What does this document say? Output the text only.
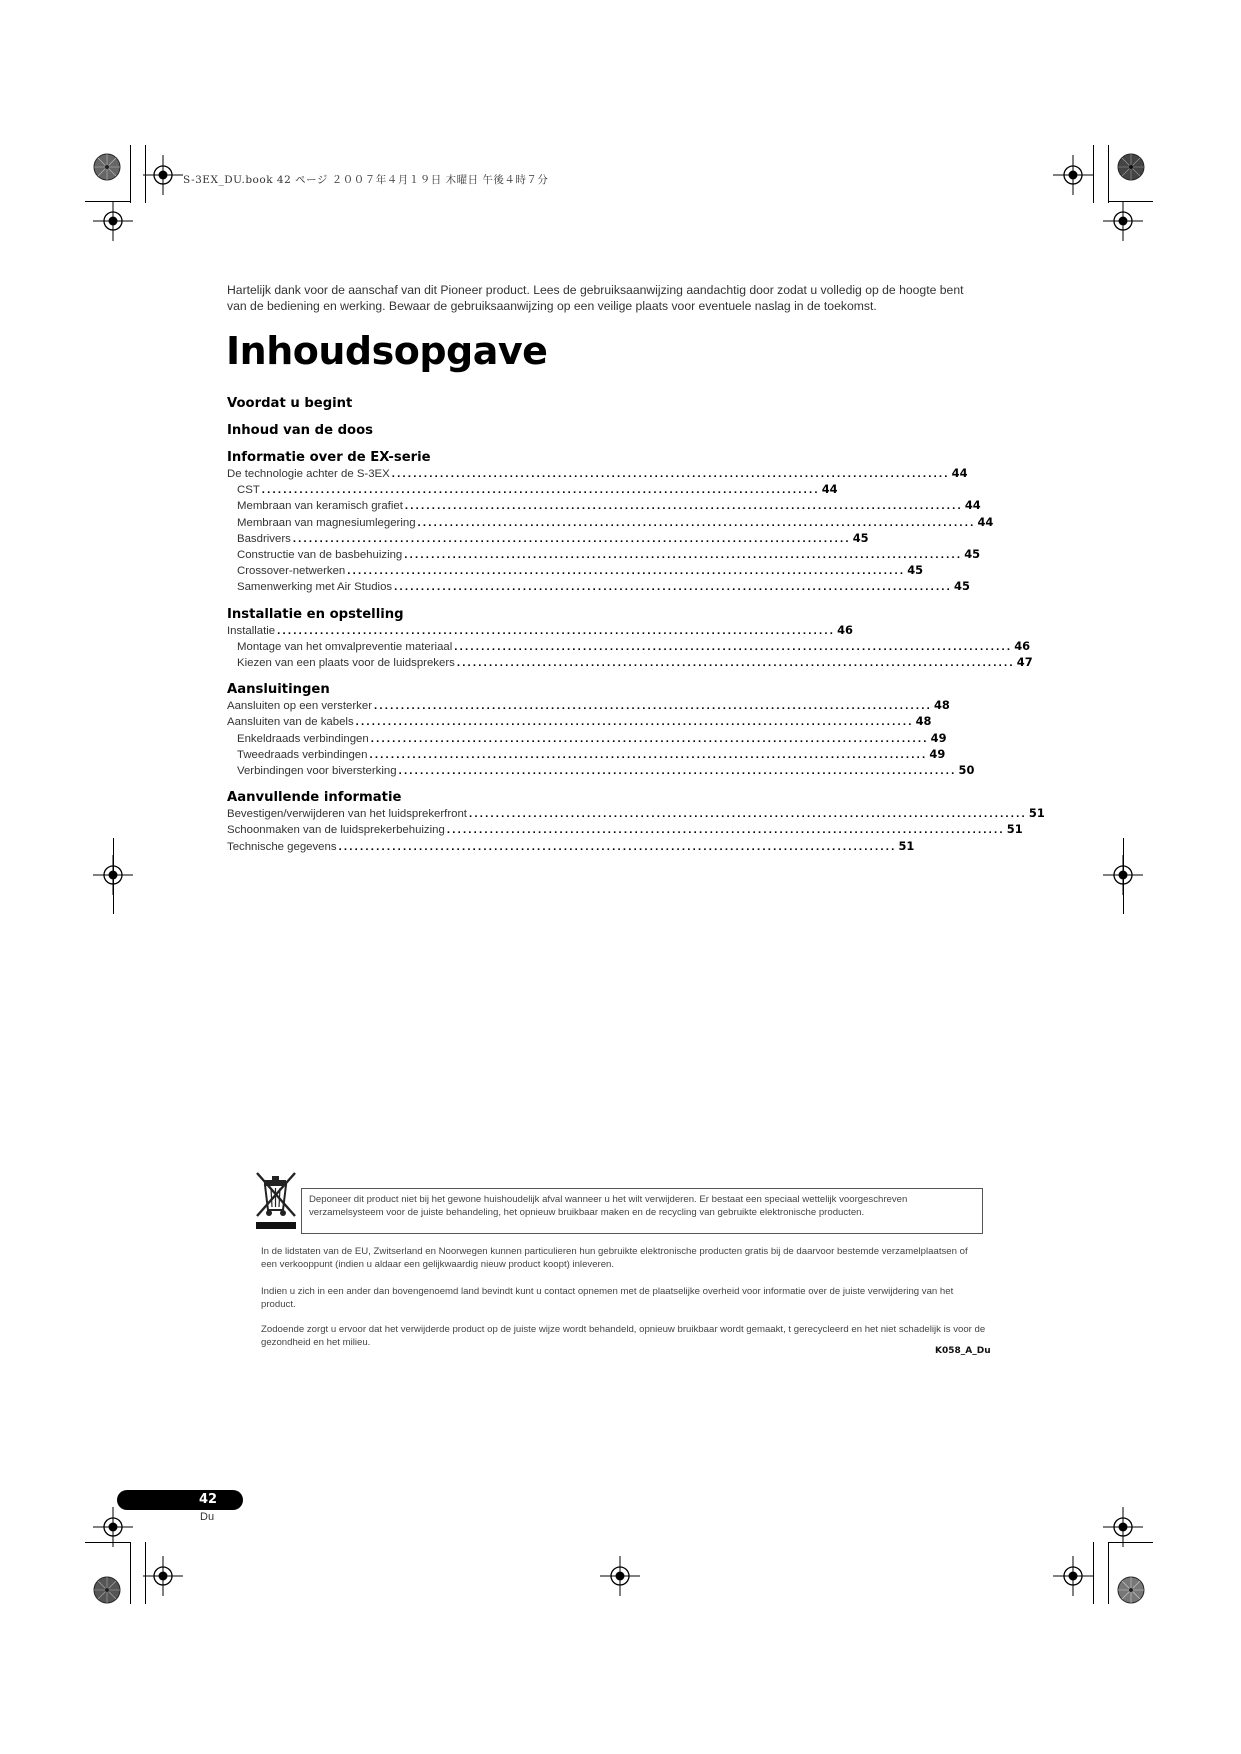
S-3EX_DU.book 42 ページ ２００７年４月１９日 木曜日 午後４時７分
Hartelijk dank voor de aanschaf van dit Pioneer product. Lees de gebruiksaanwijzing aandachtig door zodat u volledig op de hoogte bent
van de bediening en werking. Bewaar de gebruiksaanwijzing op een veilige plaats voor eventuele naslag in de toekomst.
Inhoudsopgave
Voordat u begint
Inhoud van de doos
Informatie over de EX-serie
De technologie achter de S-3EX ........................................................................................................ 44
CST ........................................................................................................ 44
Membraan van keramisch grafiet ........................................................................................................ 44
Membraan van magnesiumlegering ........................................................................................................ 44
Basdrivers ........................................................................................................ 45
Constructie van de basbehuizing ........................................................................................................ 45
Crossover-netwerken ........................................................................................................ 45
Samenwerking met Air Studios ........................................................................................................ 45
Installatie en opstelling
Installatie ........................................................................................................ 46
Montage van het omvalpreventie materiaal ........................................................................................................ 46
Kiezen van een plaats voor de luidsprekers ........................................................................................................ 47
Aansluitingen
Aansluiten op een versterker ........................................................................................................ 48
Aansluiten van de kabels ........................................................................................................ 48
Enkeldraads verbindingen ........................................................................................................ 49
Tweedraads verbindingen ........................................................................................................ 49
Verbindingen voor biversterking ........................................................................................................ 50
Aanvullende informatie
Bevestigen/verwijderen van het luidsprekerfront ........................................................................................................ 51
Schoonmaken van de luidsprekerbehuizing ........................................................................................................ 51
Technische gegevens ........................................................................................................ 51
Deponeer dit product niet bij het gewone huishoudelijk afval wanneer u het wilt verwijderen. Er bestaat een speciaal wettelijk voorgeschreven verzamelsysteem voor de juiste behandeling, het opnieuw bruikbaar maken en de recycling van gebruikte elektronische producten.
In de lidstaten van de EU, Zwitserland en Noorwegen kunnen particulieren hun gebruikte elektronische producten gratis bij de daarvoor bestemde verzamelplaatsen of een verkooppunt (indien u aldaar een gelijkwaardig nieuw product koopt) inleveren.
Indien u zich in een ander dan bovengenoemd land bevindt kunt u contact opnemen met de plaatselijke overheid voor informatie over de juiste verwijdering van het product.
Zodoende zorgt u ervoor dat het verwijderde product op de juiste wijze wordt behandeld, opnieuw bruikbaar wordt gemaakt, t gerecycleerd en het niet schadelijk is voor de gezondheid en het milieu.
K058_A_Du
42
Du
